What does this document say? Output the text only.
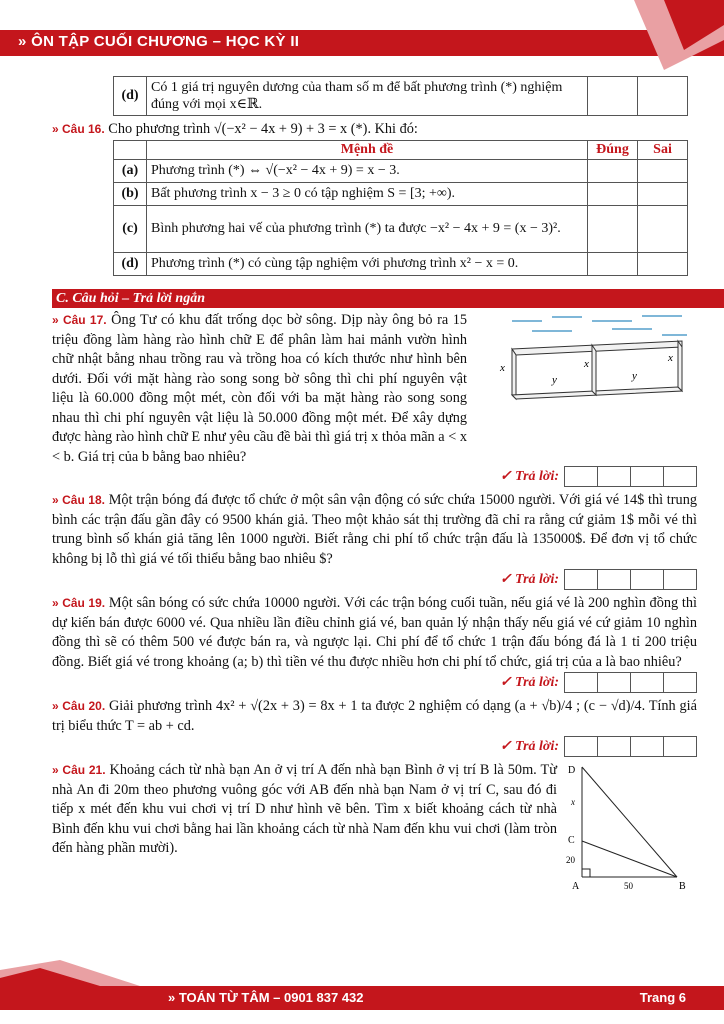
» ÔN TẬP CUỐI CHƯƠNG – HỌC KỲ II
(d)	Có 1 giá trị nguyên dương của tham số m để bất phương trình (*) nghiệm đúng với mọi x∈ℝ.		
» Câu 16. Cho phương trình √(−x² − 4x + 9) + 3 = x (*). Khi đó:
	Mệnh đề	Đúng	Sai
(a)	Phương trình (*) ⇔ √(−x² − 4x + 9) = x − 3.		
(b)	Bất phương trình x − 3 ≥ 0 có tập nghiệm S = [3; +∞).		
(c)	Bình phương hai vế của phương trình (*) ta được −x² − 4x + 9 = (x − 3)².		
(d)	Phương trình (*) có cùng tập nghiệm với phương trình x² − x = 0.		
C. Câu hỏi – Trả lời ngắn
» Câu 17. Ông Tư có khu đất trống dọc bờ sông. Dịp này ông bỏ ra 15 triệu đồng làm hàng rào hình chữ E để phân làm hai mảnh vườn hình chữ nhật bằng nhau trồng rau và trồng hoa có kích thước như hình bên dưới. Đối với mặt hàng rào song song bờ sông thì chi phí nguyên vật liệu là 60.000 đồng một mét, còn đối với ba mặt hàng rào song song nhau thì chi phí nguyên vật liệu là 50.000 đồng một mét. Để xây dựng được hàng rào hình chữ E như yêu cầu đề bài thì giá trị x thỏa mãn a < x < b. Giá trị của b bằng bao nhiêu?
x
y
x
y
x
✓ Trả lời:
» Câu 18. Một trận bóng đá được tổ chức ở một sân vận động có sức chứa 15000 người. Với giá vé 14$ thì trung bình các trận đấu gần đây có 9500 khán giả. Theo một khảo sát thị trường đã chỉ ra rằng cứ giảm 1$ mỗi vé thì trung bình số khán giả tăng lên 1000 người. Biết rằng chi phí tổ chức trận đấu là 135000$. Để đơn vị tổ chức không bị lỗ thì giá vé tối thiểu bằng bao nhiêu $?
✓ Trả lời:
» Câu 19. Một sân bóng có sức chứa 10000 người. Với các trận bóng cuối tuần, nếu giá vé là 200 nghìn đồng thì dự kiến bán được 6000 vé. Qua nhiều lần điều chỉnh giá vé, ban quản lý nhận thấy nếu giá vé cứ giảm 10 nghìn đồng thì sẽ có thêm 500 vé được bán ra, và ngược lại. Chi phí để tổ chức 1 trận đấu bóng đá là 1 tỉ 200 triệu đồng. Biết giá vé trong khoảng (a; b) thì tiền vé thu được nhiều hơn chi phí tổ chức, giá trị của a là bao nhiêu?
✓ Trả lời:
» Câu 20. Giải phương trình 4x² + √(2x + 3) = 8x + 1 ta được 2 nghiệm có dạng (a + √b)/4 ; (c − √d)/4. Tính giá trị biểu thức T = ab + cd.
✓ Trả lời:
» Câu 21. Khoảng cách từ nhà bạn An ở vị trí A đến nhà bạn Bình ở vị trí B là 50m. Từ nhà An đi 20m theo phương vuông góc với AB đến nhà bạn Nam ở vị trí C, sau đó đi tiếp x mét đến khu vui chơi vị trí D như hình vẽ bên. Tìm x biết khoảng cách từ nhà Bình đến khu vui chơi bằng hai lần khoảng cách từ nhà Nam đến khu vui chơi (làm tròn đến hàng phần mười).
D
C
A	B
x
20
50
» TOÁN TỪ TÂM – 0901 837 432	Trang 6
